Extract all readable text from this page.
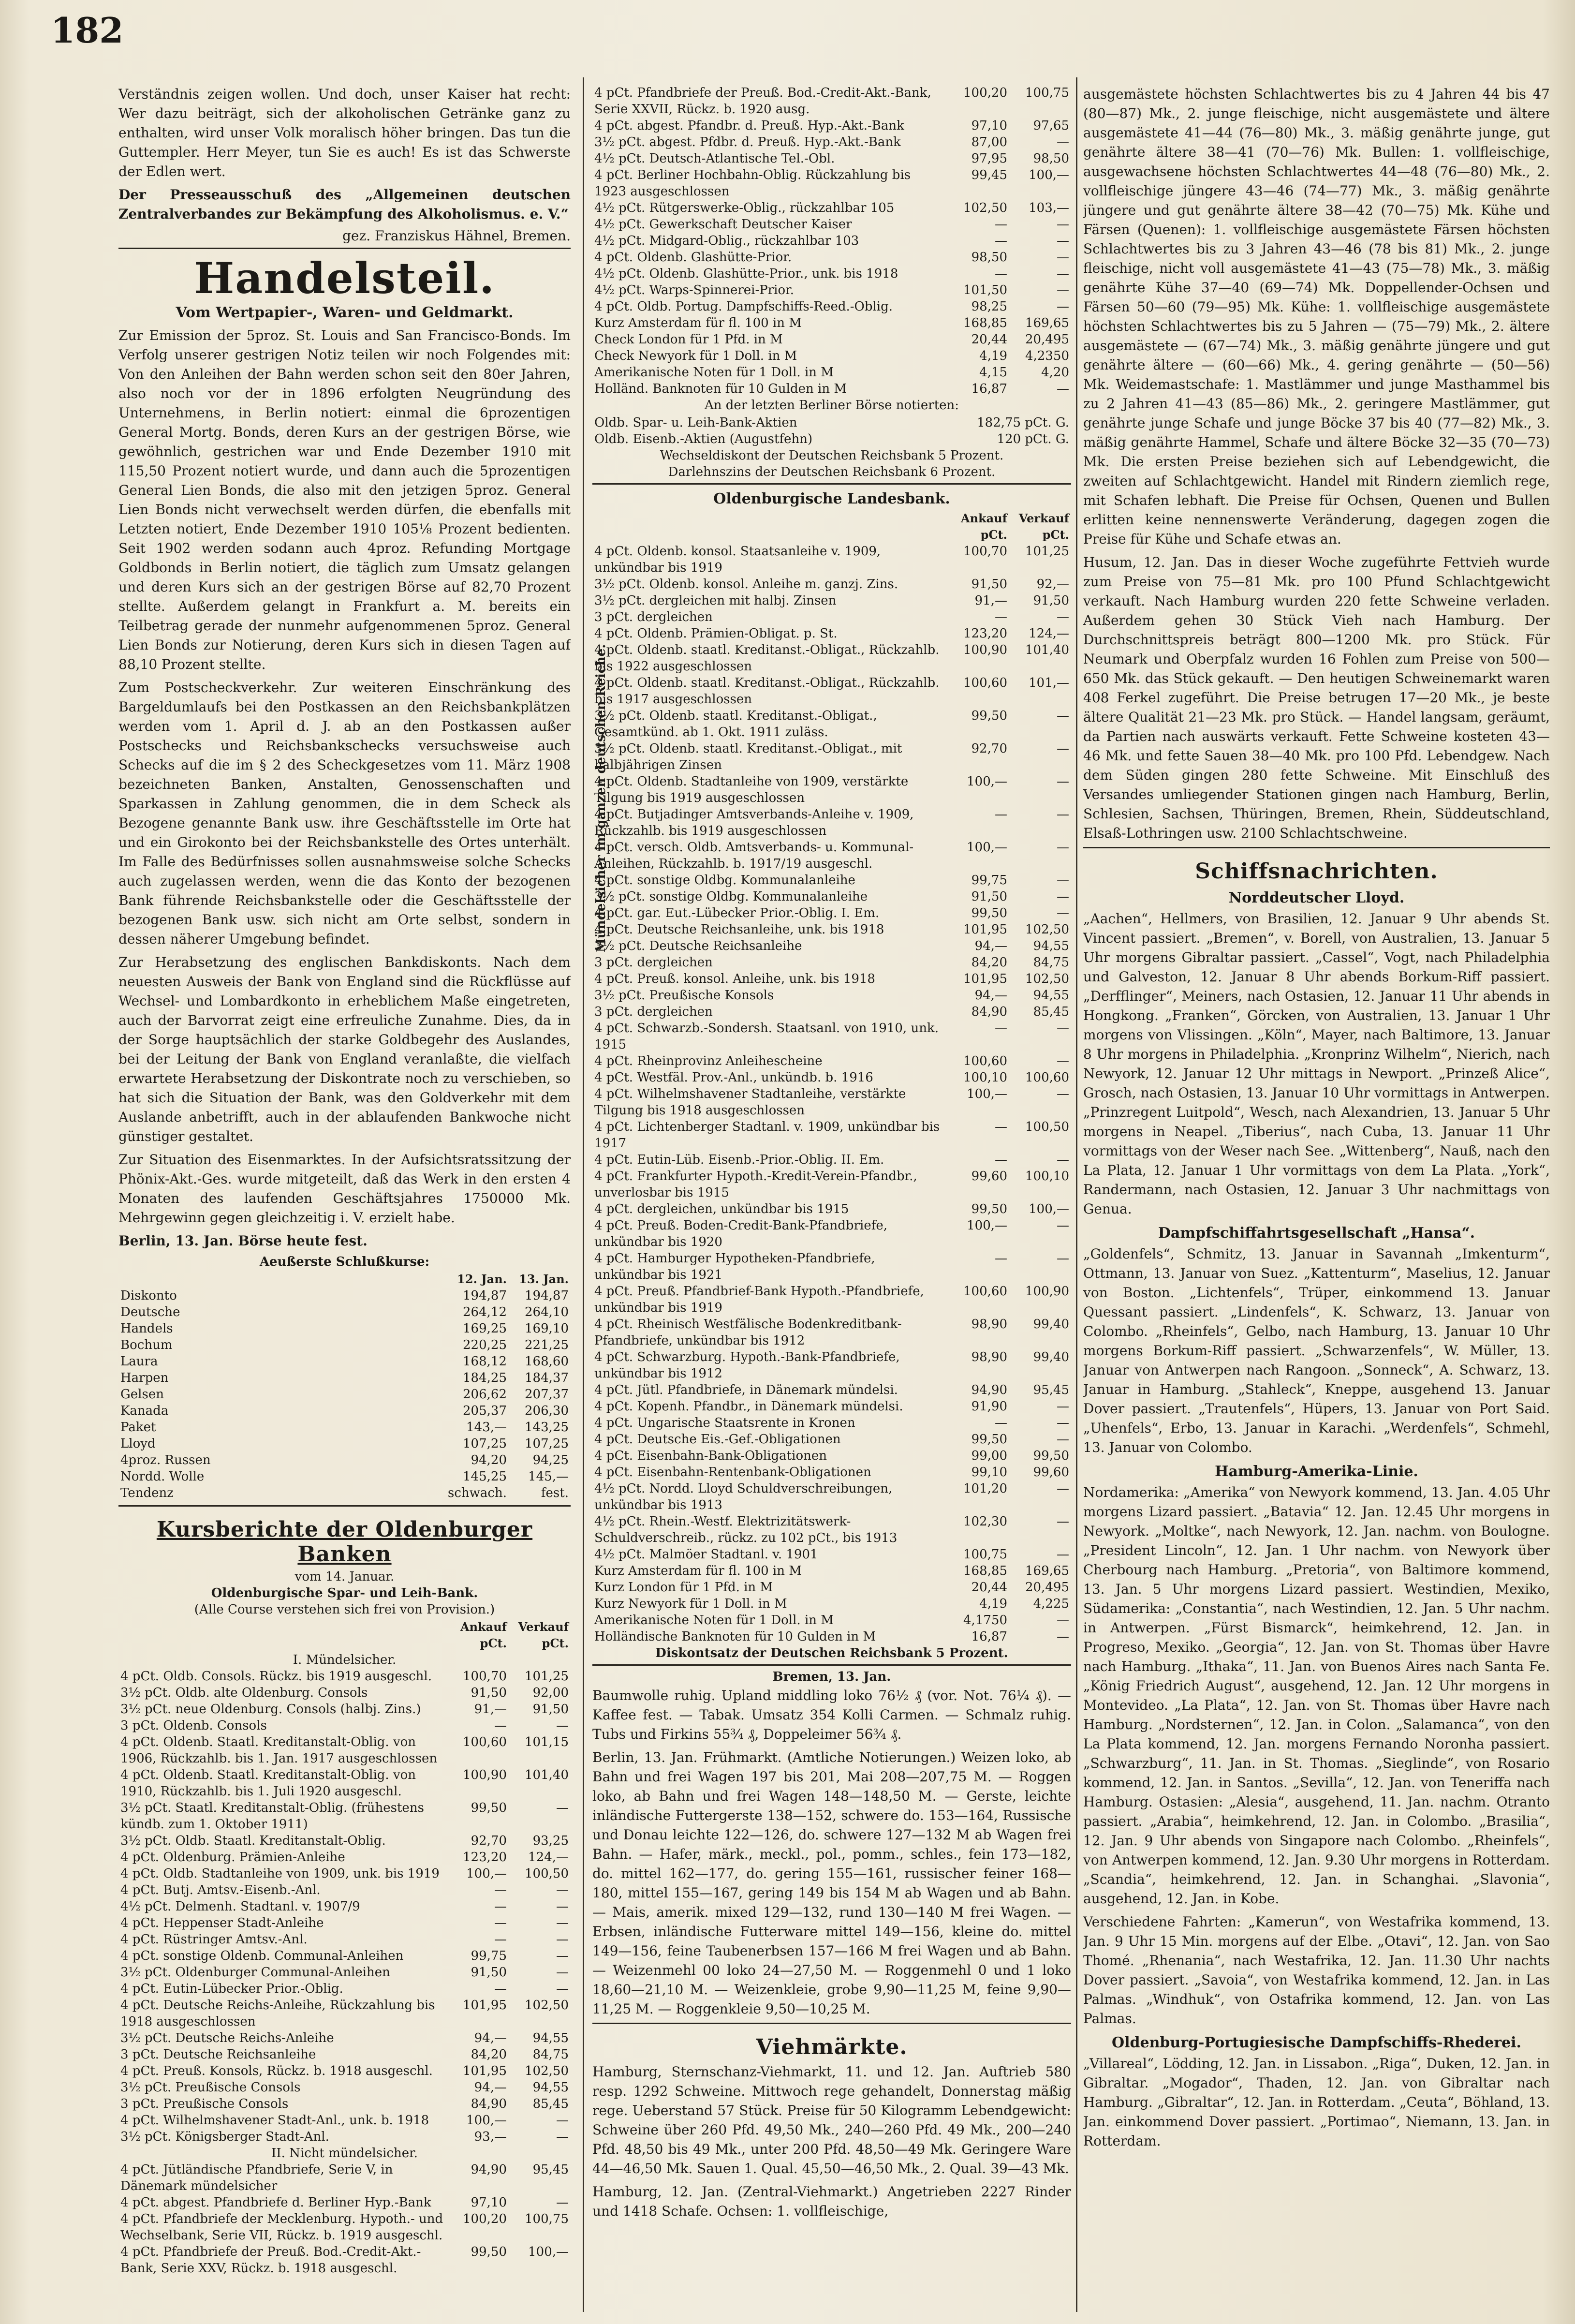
182

Verständnis zeigen wollen. Und doch, unser Kaiser hat recht: Wer dazu beiträgt, sich der alkoholischen Getränke ganz zu enthalten, wird unser Volk moralisch höher bringen. Das tun die Guttempler. Herr Meyer, tun Sie es auch! Es ist das Schwerste der Edlen wert.

Der Presseausschuß des „Allgemeinen deutschen Zentralverbandes zur Bekämpfung des Alkoholismus. e. V.“

gez. Franziskus Hähnel, Bremen.
Handelsteil.
Vom Wertpapier-, Waren- und Geldmarkt.

Zur Emission der 5proz. St. Louis and San Francisco-Bonds. Im Verfolg unserer gestrigen Notiz teilen wir noch Folgendes mit: Von den Anleihen der Bahn werden schon seit den 80er Jahren, also noch vor der in 1896 erfolgten Neugründung des Unternehmens, in Berlin notiert: einmal die 6prozentigen General Mortg. Bonds, deren Kurs an der gestrigen Börse, wie gewöhnlich, gestrichen war und Ende Dezember 1910 mit 115,50 Prozent notiert wurde, und dann auch die 5prozentigen General Lien Bonds, die also mit den jetzigen 5proz. General Lien Bonds nicht verwechselt werden dürfen, die ebenfalls mit Letzten notiert, Ende Dezember 1910 105⅛ Prozent bedienten. Seit 1902 werden sodann auch 4proz. Refunding Mortgage Goldbonds in Berlin notiert, die täglich zum Umsatz gelangen und deren Kurs sich an der gestrigen Börse auf 82,70 Prozent stellte. Außerdem gelangt in Frankfurt a. M. bereits ein Teilbetrag gerade der nunmehr aufgenommenen 5proz. General Lien Bonds zur Notierung, deren Kurs sich in diesen Tagen auf 88,10 Prozent stellte.

Zum Postscheckverkehr. Zur weiteren Einschränkung des Bargeldumlaufs bei den Postkassen an den Reichsbankplätzen werden vom 1. April d. J. ab an den Postkassen außer Postschecks und Reichsbankschecks versuchsweise auch Schecks auf die im § 2 des Scheckgesetzes vom 11. März 1908 bezeichneten Banken, Anstalten, Genossenschaften und Sparkassen in Zahlung genommen, die in dem Scheck als Bezogene genannte Bank usw. ihre Geschäftsstelle im Orte hat und ein Girokonto bei der Reichsbankstelle des Ortes unterhält. Im Falle des Bedürfnisses sollen ausnahmsweise solche Schecks auch zugelassen werden, wenn die das Konto der bezogenen Bank führende Reichsbankstelle oder die Geschäftsstelle der bezogenen Bank usw. sich nicht am Orte selbst, sondern in dessen näherer Umgebung befindet.

Zur Herabsetzung des englischen Bankdiskonts. Nach dem neuesten Ausweis der Bank von England sind die Rückflüsse auf Wechsel- und Lombardkonto in erheblichem Maße eingetreten, auch der Barvorrat zeigt eine erfreuliche Zunahme. Dies, da in der Sorge hauptsächlich der starke Goldbegehr des Auslandes, bei der Leitung der Bank von England veranlaßte, die vielfach erwartete Herabsetzung der Diskontrate noch zu verschieben, so hat sich die Situation der Bank, was den Goldverkehr mit dem Auslande anbetrifft, auch in der ablaufenden Bankwoche nicht günstiger gestaltet.

Zur Situation des Eisenmarktes. In der Aufsichtsratssitzung der Phönix-Akt.-Ges. wurde mitgeteilt, daß das Werk in den ersten 4 Monaten des laufenden Geschäftsjahres 1750000 Mk. Mehrgewinn gegen gleichzeitig i. V. erzielt habe.

Berlin, 13. Jan. Börse heute fest.

Aeußerste Schlußkurse:
	12. Jan.	13. Jan.
Diskonto	194,87	194,87
Deutsche	264,12	264,10
Handels	169,25	169,10
Bochum	220,25	221,25
Laura	168,12	168,60
Harpen	184,25	184,37
Gelsen	206,62	207,37
Kanada	205,37	206,30
Paket	143,—	143,25
Lloyd	107,25	107,25
4proz. Russen	94,20	94,25
Nordd. Wolle	145,25	145,—
Tendenz	schwach.	fest.
Kursberichte der Oldenburger Banken
vom 14. Januar.
Oldenburgische Spar- und Leih-Bank.
(Alle Course verstehen sich frei von Provision.)
	Ankauf pCt.	Verkauf pCt.
I. Mündelsicher.		
4 pCt. Oldb. Consols. Rückz. bis 1919 ausgeschl.	100,70	101,25
3½ pCt. Oldb. alte Oldenburg. Consols	91,50	92,00
3½ pCt. neue Oldenburg. Consols (halbj. Zins.)	91,—	91,50
3 pCt. Oldenb. Consols	—	—
4 pCt. Oldenb. Staatl. Kreditanstalt-Oblig. von 1906, Rückzahlb. bis 1. Jan. 1917 ausgeschlossen	100,60	101,15
4 pCt. Oldenb. Staatl. Kreditanstalt-Oblig. von 1910, Rückzahlb. bis 1. Juli 1920 ausgeschl.	100,90	101,40
3½ pCt. Staatl. Kreditanstalt-Oblig. (frühestens kündb. zum 1. Oktober 1911)	99,50	—
3½ pCt. Oldb. Staatl. Kreditanstalt-Oblig.	92,70	93,25
4 pCt. Oldenburg. Prämien-Anleihe	123,20	124,—
4 pCt. Oldb. Stadtanleihe von 1909, unk. bis 1919	100,—	100,50
4 pCt. Butj. Amtsv.-Eisenb.-Anl.	—	—
4½ pCt. Delmenh. Stadtanl. v. 1907/9	—	—
4 pCt. Heppenser Stadt-Anleihe	—	—
4 pCt. Rüstringer Amtsv.-Anl.	—	—
4 pCt. sonstige Oldenb. Communal-Anleihen	99,75	—
3½ pCt. Oldenburger Communal-Anleihen	91,50	—
4 pCt. Eutin-Lübecker Prior.-Oblig.	—	—
4 pCt. Deutsche Reichs-Anleihe, Rückzahlung bis 1918 ausgeschlossen	101,95	102,50
3½ pCt. Deutsche Reichs-Anleihe	94,—	94,55
3 pCt. Deutsche Reichsanleihe	84,20	84,75
4 pCt. Preuß. Konsols, Rückz. b. 1918 ausgeschl.	101,95	102,50
3½ pCt. Preußische Consols	94,—	94,55
3 pCt. Preußische Consols	84,90	85,45
4 pCt. Wilhelmshavener Stadt-Anl., unk. b. 1918	100,—	—
3½ pCt. Königsberger Stadt-Anl.	93,—	—
II. Nicht mündelsicher.		
4 pCt. Jütländische Pfandbriefe, Serie V, in Dänemark mündelsicher	94,90	95,45
4 pCt. abgest. Pfandbriefe d. Berliner Hyp.-Bank	97,10	—
4 pCt. Pfandbriefe der Mecklenburg. Hypoth.- und Wechselbank, Serie VII, Rückz. b. 1919 ausgeschl.	100,20	100,75
4 pCt. Pfandbriefe der Preuß. Bod.-Credit-Akt.-Bank, Serie XXV, Rückz. b. 1918 ausgeschl.	99,50	100,—
4 pCt. Pfandbriefe der Preuß. Bod.-Credit-Akt.-Bank, Serie XXVII, Rückz. b. 1920 ausg.	100,20	100,75
4 pCt. abgest. Pfandbr. d. Preuß. Hyp.-Akt.-Bank	97,10	97,65
3½ pCt. abgest. Pfdbr. d. Preuß. Hyp.-Akt.-Bank	87,00	—
4½ pCt. Deutsch-Atlantische Tel.-Obl.	97,95	98,50
4 pCt. Berliner Hochbahn-Oblig. Rückzahlung bis 1923 ausgeschlossen	99,45	100,—
4½ pCt. Rütgerswerke-Oblig., rückzahlbar 105	102,50	103,—
4½ pCt. Gewerkschaft Deutscher Kaiser	—	—
4½ pCt. Midgard-Oblig., rückzahlbar 103	—	—
4 pCt. Oldenb. Glashütte-Prior.	98,50	—
4½ pCt. Oldenb. Glashütte-Prior., unk. bis 1918	—	—
4½ pCt. Warps-Spinnerei-Prior.	101,50	—
4 pCt. Oldb. Portug. Dampfschiffs-Reed.-Oblig.	98,25	—
Kurz Amsterdam für fl. 100 in M	168,85	169,65
Check London für 1 Pfd. in M	20,44	20,495
Check Newyork für 1 Doll. in M	4,19	4,2350
Amerikanische Noten für 1 Doll. in M	4,15	4,20
Holländ. Banknoten für 10 Gulden in M	16,87	—
An der letzten Berliner Börse notierten:
Oldb. Spar- u. Leih-Bank-Aktien	182,75 pCt. G.
Oldb. Eisenb.-Aktien (Augustfehn)	120 pCt. G.
Wechseldiskont der Deutschen Reichsbank 5 Prozent.
Darlehnszins der Deutschen Reichsbank 6 Prozent.
Oldenburgische Landesbank.
	Ankauf pCt.	Verkauf pCt.
4 pCt. Oldenb. konsol. Staatsanleihe v. 1909, unkündbar bis 1919	100,70	101,25
3½ pCt. Oldenb. konsol. Anleihe m. ganzj. Zins.	91,50	92,—
3½ pCt. dergleichen mit halbj. Zinsen	91,—	91,50
3 pCt. dergleichen	—	—
4 pCt. Oldenb. Prämien-Obligat. p. St.	123,20	124,—
4 pCt. Oldenb. staatl. Kreditanst.-Obligat., Rückzahlb. bis 1922 ausgeschlossen	100,90	101,40
4 pCt. Oldenb. staatl. Kreditanst.-Obligat., Rückzahlb. bis 1917 ausgeschlossen	100,60	101,—
3½ pCt. Oldenb. staatl. Kreditanst.-Obligat., Gesamtkünd. ab 1. Okt. 1911 zuläss.	99,50	—
3½ pCt. Oldenb. staatl. Kreditanst.-Obligat., mit halbjährigen Zinsen	92,70	—
4 pCt. Oldenb. Stadtanleihe von 1909, verstärkte Tilgung bis 1919 ausgeschlossen	100,—	—
4 pCt. Butjadinger Amtsverbands-Anleihe v. 1909, Rückzahlb. bis 1919 ausgeschlossen	—	—
4 pCt. versch. Oldb. Amtsverbands- u. Kommunal-Anleihen, Rückzahlb. b. 1917/19 ausgeschl.	100,—	—
4 pCt. sonstige Oldbg. Kommunalanleihe	99,75	—
3½ pCt. sonstige Oldbg. Kommunalanleihe	91,50	—
4 pCt. gar. Eut.-Lübecker Prior.-Oblig. I. Em.	99,50	—
4 pCt. Deutsche Reichsanleihe, unk. bis 1918	101,95	102,50
3½ pCt. Deutsche Reichsanleihe	94,—	94,55
3 pCt. dergleichen	84,20	84,75
4 pCt. Preuß. konsol. Anleihe, unk. bis 1918	101,95	102,50
3½ pCt. Preußische Konsols	94,—	94,55
3 pCt. dergleichen	84,90	85,45
4 pCt. Schwarzb.-Sondersh. Staatsanl. von 1910, unk. 1915	—	—
4 pCt. Rheinprovinz Anleihescheine	100,60	—
4 pCt. Westfäl. Prov.-Anl., unkündb. b. 1916	100,10	100,60
4 pCt. Wilhelmshavener Stadtanleihe, verstärkte Tilgung bis 1918 ausgeschlossen	100,—	—
4 pCt. Lichtenberger Stadtanl. v. 1909, unkündbar bis 1917	—	100,50
4 pCt. Eutin-Lüb. Eisenb.-Prior.-Oblig. II. Em.	—	—
4 pCt. Frankfurter Hypoth.-Kredit-Verein-Pfandbr., unverlosbar bis 1915	99,60	100,10
4 pCt. dergleichen, unkündbar bis 1915	99,50	100,—
4 pCt. Preuß. Boden-Credit-Bank-Pfandbriefe, unkündbar bis 1920	100,—	—
4 pCt. Hamburger Hypotheken-Pfandbriefe, unkündbar bis 1921	—	—
4 pCt. Preuß. Pfandbrief-Bank Hypoth.-Pfandbriefe, unkündbar bis 1919	100,60	100,90
4 pCt. Rheinisch Westfälische Bodenkreditbank-Pfandbriefe, unkündbar bis 1912	98,90	99,40
4 pCt. Schwarzburg. Hypoth.-Bank-Pfandbriefe, unkündbar bis 1912	98,90	99,40
4 pCt. Jütl. Pfandbriefe, in Dänemark mündelsi.	94,90	95,45
4 pCt. Kopenh. Pfandbr., in Dänemark mündelsi.	91,90	—
4 pCt. Ungarische Staatsrente in Kronen	—	—
4 pCt. Deutsche Eis.-Gef.-Obligationen	99,50	—
4 pCt. Eisenbahn-Bank-Obligationen	99,00	99,50
4 pCt. Eisenbahn-Rentenbank-Obligationen	99,10	99,60
4½ pCt. Nordd. Lloyd Schuldverschreibungen, unkündbar bis 1913	101,20	—
4½ pCt. Rhein.-Westf. Elektrizitätswerk-Schuldverschreib., rückz. zu 102 pCt., bis 1913	102,30	—
4½ pCt. Malmöer Stadtanl. v. 1901	100,75	—
Kurz Amsterdam für fl. 100 in M	168,85	169,65
Kurz London für 1 Pfd. in M	20,44	20,495
Kurz Newyork für 1 Doll. in M	4,19	4,225
Amerikanische Noten für 1 Doll. in M	4,1750	—
Holländische Banknoten für 10 Gulden in M	16,87	—
Diskontsatz der Deutschen Reichsbank 5 Prozent.
Bremen, 13. Jan.

Baumwolle ruhig. Upland middling loko 76½ ₰ (vor. Not. 76¼ ₰). — Kaffee fest. — Tabak. Umsatz 354 Kolli Carmen. — Schmalz ruhig. Tubs und Firkins 55¾ ₰, Doppeleimer 56¾ ₰.

Berlin, 13. Jan. Frühmarkt. (Amtliche Notierungen.) Weizen loko, ab Bahn und frei Wagen 197 bis 201, Mai 208—207,75 M. — Roggen loko, ab Bahn und frei Wagen 148—148,50 M. — Gerste, leichte inländische Futtergerste 138—152, schwere do. 153—164, Russische und Donau leichte 122—126, do. schwere 127—132 M ab Wagen frei Bahn. — Hafer, märk., meckl., pol., pomm., schles., fein 173—182, do. mittel 162—177, do. gering 155—161, russischer feiner 168—180, mittel 155—167, gering 149 bis 154 M ab Wagen und ab Bahn. — Mais, amerik. mixed 129—132, rund 130—140 M frei Wagen. — Erbsen, inländische Futterware mittel 149—156, kleine do. mittel 149—156, feine Taubenerbsen 157—166 M frei Wagen und ab Bahn. — Weizenmehl 00 loko 24—27,50 M. — Roggenmehl 0 und 1 loko 18,60—21,10 M. — Weizenkleie, grobe 9,90—11,25 M, feine 9,90—11,25 M. — Roggenkleie 9,50—10,25 M.

Viehmärkte.

Hamburg, Sternschanz-Viehmarkt, 11. und 12. Jan. Auftrieb 580 resp. 1292 Schweine. Mittwoch rege gehandelt, Donnerstag mäßig rege. Ueberstand 57 Stück. Preise für 50 Kilogramm Lebendgewicht: Schweine über 260 Pfd. 49,50 Mk., 240—260 Pfd. 49 Mk., 200—240 Pfd. 48,50 bis 49 Mk., unter 200 Pfd. 48,50—49 Mk. Geringere Ware 44—46,50 Mk. Sauen 1. Qual. 45,50—46,50 Mk., 2. Qual. 39—43 Mk.

Hamburg, 12. Jan. (Zentral-Viehmarkt.) Angetrieben 2227 Rinder und 1418 Schafe. Ochsen: 1. vollfleischige,

Mündelsicher im ganzen deutschen Reiche.

ausgemästete höchsten Schlachtwertes bis zu 4 Jahren 44 bis 47 (80—87) Mk., 2. junge fleischige, nicht ausgemästete und ältere ausgemästete 41—44 (76—80) Mk., 3. mäßig genährte junge, gut genährte ältere 38—41 (70—76) Mk. Bullen: 1. vollfleischige, ausgewachsene höchsten Schlachtwertes 44—48 (76—80) Mk., 2. vollfleischige jüngere 43—46 (74—77) Mk., 3. mäßig genährte jüngere und gut genährte ältere 38—42 (70—75) Mk. Kühe und Färsen (Quenen): 1. vollfleischige ausgemästete Färsen höchsten Schlachtwertes bis zu 3 Jahren 43—46 (78 bis 81) Mk., 2. junge fleischige, nicht voll ausgemästete 41—43 (75—78) Mk., 3. mäßig genährte Kühe 37—40 (69—74) Mk. Doppellender-Ochsen und Färsen 50—60 (79—95) Mk. Kühe: 1. vollfleischige ausgemästete höchsten Schlachtwertes bis zu 5 Jahren — (75—79) Mk., 2. ältere ausgemästete — (67—74) Mk., 3. mäßig genährte jüngere und gut genährte ältere — (60—66) Mk., 4. gering genährte — (50—56) Mk. Weidemastschafe: 1. Mastlämmer und junge Masthammel bis zu 2 Jahren 41—43 (85—86) Mk., 2. geringere Mastlämmer, gut genährte junge Schafe und junge Böcke 37 bis 40 (77—82) Mk., 3. mäßig genährte Hammel, Schafe und ältere Böcke 32—35 (70—73) Mk. Die ersten Preise beziehen sich auf Lebendgewicht, die zweiten auf Schlachtgewicht. Handel mit Rindern ziemlich rege, mit Schafen lebhaft. Die Preise für Ochsen, Quenen und Bullen erlitten keine nennenswerte Veränderung, dagegen zogen die Preise für Kühe und Schafe etwas an.

Husum, 12. Jan. Das in dieser Woche zugeführte Fettvieh wurde zum Preise von 75—81 Mk. pro 100 Pfund Schlachtgewicht verkauft. Nach Hamburg wurden 220 fette Schweine verladen. Außerdem gehen 30 Stück Vieh nach Hamburg. Der Durchschnittspreis beträgt 800—1200 Mk. pro Stück. Für Neumark und Oberpfalz wurden 16 Fohlen zum Preise von 500—650 Mk. das Stück gekauft. — Den heutigen Schweinemarkt waren 408 Ferkel zugeführt. Die Preise betrugen 17—20 Mk., je beste ältere Qualität 21—23 Mk. pro Stück. — Handel langsam, geräumt, da Partien nach auswärts verkauft. Fette Schweine kosteten 43—46 Mk. und fette Sauen 38—40 Mk. pro 100 Pfd. Lebendgew. Nach dem Süden gingen 280 fette Schweine. Mit Einschluß des Versandes umliegender Stationen gingen nach Hamburg, Berlin, Schlesien, Sachsen, Thüringen, Bremen, Rhein, Süddeutschland, Elsaß-Lothringen usw. 2100 Schlachtschweine.

Schiffsnachrichten.
Norddeutscher Lloyd.

„Aachen“, Hellmers, von Brasilien, 12. Januar 9 Uhr abends St. Vincent passiert. „Bremen“, v. Borell, von Australien, 13. Januar 5 Uhr morgens Gibraltar passiert. „Cassel“, Vogt, nach Philadelphia und Galveston, 12. Januar 8 Uhr abends Borkum-Riff passiert. „Derfflinger“, Meiners, nach Ostasien, 12. Januar 11 Uhr abends in Hongkong. „Franken“, Görcken, von Australien, 13. Januar 1 Uhr morgens von Vlissingen. „Köln“, Mayer, nach Baltimore, 13. Januar 8 Uhr morgens in Philadelphia. „Kronprinz Wilhelm“, Nierich, nach Newyork, 12. Januar 12 Uhr mittags in Newport. „Prinzeß Alice“, Grosch, nach Ostasien, 13. Januar 10 Uhr vormittags in Antwerpen. „Prinzregent Luitpold“, Wesch, nach Alexandrien, 13. Januar 5 Uhr morgens in Neapel. „Tiberius“, nach Cuba, 13. Januar 11 Uhr vormittags von der Weser nach See. „Wittenberg“, Nauß, nach den La Plata, 12. Januar 1 Uhr vormittags von dem La Plata. „York“, Randermann, nach Ostasien, 12. Januar 3 Uhr nachmittags von Genua.

Dampfschiffahrtsgesellschaft „Hansa“.

„Goldenfels“, Schmitz, 13. Januar in Savannah „Imkenturm“, Ottmann, 13. Januar von Suez. „Kattenturm“, Maselius, 12. Januar von Boston. „Lichtenfels“, Trüper, einkommend 13. Januar Quessant passiert. „Lindenfels“, K. Schwarz, 13. Januar von Colombo. „Rheinfels“, Gelbo, nach Hamburg, 13. Januar 10 Uhr morgens Borkum-Riff passiert. „Schwarzenfels“, W. Müller, 13. Januar von Antwerpen nach Rangoon. „Sonneck“, A. Schwarz, 13. Januar in Hamburg. „Stahleck“, Kneppe, ausgehend 13. Januar Dover passiert. „Trautenfels“, Hüpers, 13. Januar von Port Said. „Uhenfels“, Erbo, 13. Januar in Karachi. „Werdenfels“, Schmehl, 13. Januar von Colombo.

Hamburg-Amerika-Linie.

Nordamerika: „Amerika“ von Newyork kommend, 13. Jan. 4.05 Uhr morgens Lizard passiert. „Batavia“ 12. Jan. 12.45 Uhr morgens in Newyork. „Moltke“, nach Newyork, 12. Jan. nachm. von Boulogne. „President Lincoln“, 12. Jan. 1 Uhr nachm. von Newyork über Cherbourg nach Hamburg. „Pretoria“, von Baltimore kommend, 13. Jan. 5 Uhr morgens Lizard passiert. Westindien, Mexiko, Südamerika: „Constantia“, nach Westindien, 12. Jan. 5 Uhr nachm. in Antwerpen. „Fürst Bismarck“, heimkehrend, 12. Jan. in Progreso, Mexiko. „Georgia“, 12. Jan. von St. Thomas über Havre nach Hamburg. „Ithaka“, 11. Jan. von Buenos Aires nach Santa Fe. „König Friedrich August“, ausgehend, 12. Jan. 12 Uhr morgens in Montevideo. „La Plata“, 12. Jan. von St. Thomas über Havre nach Hamburg. „Nordsternen“, 12. Jan. in Colon. „Salamanca“, von den La Plata kommend, 12. Jan. morgens Fernando Noronha passiert. „Schwarzburg“, 11. Jan. in St. Thomas. „Sieglinde“, von Rosario kommend, 12. Jan. in Santos. „Sevilla“, 12. Jan. von Teneriffa nach Hamburg. Ostasien: „Alesia“, ausgehend, 11. Jan. nachm. Otranto passiert. „Arabia“, heimkehrend, 12. Jan. in Colombo. „Brasilia“, 12. Jan. 9 Uhr abends von Singapore nach Colombo. „Rheinfels“, von Antwerpen kommend, 12. Jan. 9.30 Uhr morgens in Rotterdam. „Scandia“, heimkehrend, 12. Jan. in Schanghai. „Slavonia“, ausgehend, 12. Jan. in Kobe.

Verschiedene Fahrten: „Kamerun“, von Westafrika kommend, 13. Jan. 9 Uhr 15 Min. morgens auf der Elbe. „Otavi“, 12. Jan. von Sao Thomé. „Rhenania“, nach Westafrika, 12. Jan. 11.30 Uhr nachts Dover passiert. „Savoia“, von Westafrika kommend, 12. Jan. in Las Palmas. „Windhuk“, von Ostafrika kommend, 12. Jan. von Las Palmas.

Oldenburg-Portugiesische Dampfschiffs-Rhederei.

„Villareal“, Lödding, 12. Jan. in Lissabon. „Riga“, Duken, 12. Jan. in Gibraltar. „Mogador“, Thaden, 12. Jan. von Gibraltar nach Hamburg. „Gibraltar“, 12. Jan. in Rotterdam. „Ceuta“, Böhland, 13. Jan. einkommend Dover passiert. „Portimao“, Niemann, 13. Jan. in Rotterdam.
